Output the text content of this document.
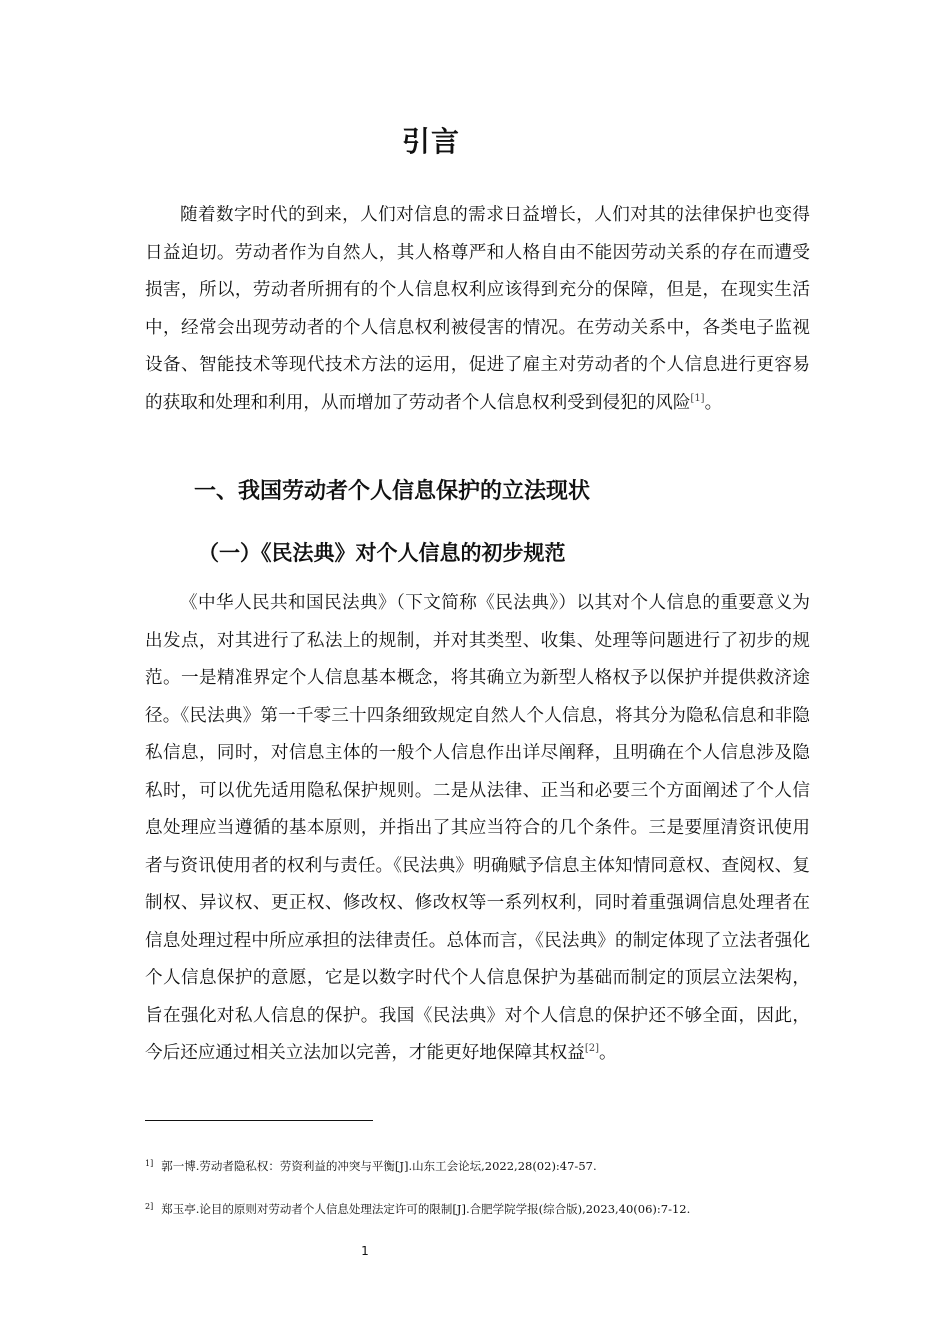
引言

随着数字时代的到来，人们对信息的需求日益增长，人们对其的法律保护也变得日益迫切。劳动者作为自然人，其人格尊严和人格自由不能因劳动关系的存在而遭受损害，所以，劳动者所拥有的个人信息权利应该得到充分的保障，但是，在现实生活中，经常会出现劳动者的个人信息权利被侵害的情况。在劳动关系中，各类电子监视设备、智能技术等现代技术方法的运用，促进了雇主对劳动者的个人信息进行更容易的获取和处理和利用，从而增加了劳动者个人信息权利受到侵犯的风险[1]。

一、我国劳动者个人信息保护的立法现状
（一）《民法典》对个人信息的初步规范

《中华人民共和国民法典》（下文简称《民法典》）以其对个人信息的重要意义为出发点，对其进行了私法上的规制，并对其类型、收集、处理等问题进行了初步的规范。一是精准界定个人信息基本概念，将其确立为新型人格权予以保护并提供救济途径。《民法典》第一千零三十四条细致规定自然人个人信息，将其分为隐私信息和非隐私信息，同时，对信息主体的一般个人信息作出详尽阐释，且明确在个人信息涉及隐私时，可以优先适用隐私保护规则。二是从法律、正当和必要三个方面阐述了个人信息处理应当遵循的基本原则，并指出了其应当符合的几个条件。三是要厘清资讯使用者与资讯使用者的权利与责任。《民法典》明确赋予信息主体知情同意权、查阅权、复制权、异议权、更正权、修改权、修改权等一系列权利，同时着重强调信息处理者在信息处理过程中所应承担的法律责任。总体而言，《民法典》的制定体现了立法者强化个人信息保护的意愿，它是以数字时代个人信息保护为基础而制定的顶层立法架构，旨在强化对私人信息的保护。我国《民法典》对个人信息的保护还不够全面，因此，今后还应通过相关立法加以完善，才能更好地保障其权益[2]。

$^{1]}$ 郭一博.劳动者隐私权：劳资利益的冲突与平衡[J].山东工会论坛,2022,28(02):47-57.
$^{2]}$ 郑玉亭.论目的原则对劳动者个人信息处理法定许可的限制[J].合肥学院学报(综合版),2023,40(06):7-12.
1
